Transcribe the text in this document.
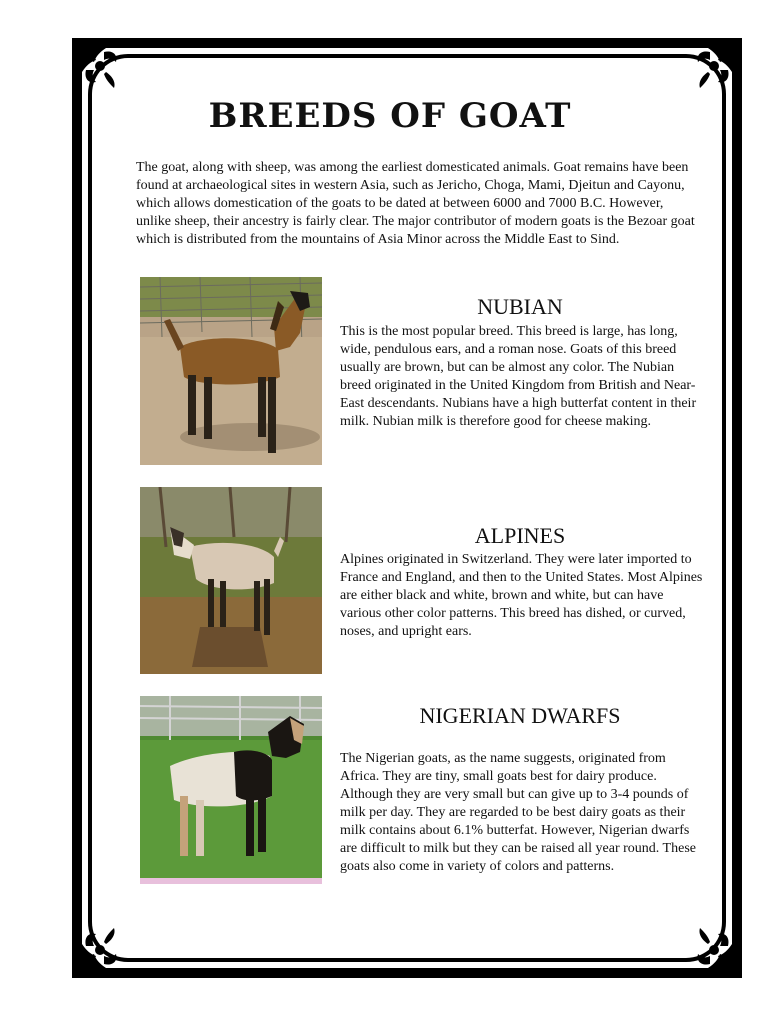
BREEDS OF GOAT

The goat, along with sheep, was among the earliest domesticated animals. Goat remains have been found at archaeological sites in western Asia, such as Jericho, Choga, Mami, Djeitun and Cayonu, which allows domestication of the goats to be dated at between 6000 and 7000 B.C. However, unlike sheep, their ancestry is fairly clear. The major contributor of modern goats is the Bezoar goat which is distributed from the mountains of Asia Minor across the Middle East to Sind.

NUBIAN

This is the most popular breed. This breed is large, has long, wide, pendulous ears, and a roman nose. Goats of this breed usually are brown, but can be almost any color. The Nubian breed originated in the United Kingdom from British and Near-East descendants. Nubians have a high butterfat content in their milk. Nubian milk is therefore good for cheese making.

ALPINES

Alpines originated in Switzerland. They were later imported to France and England, and then to the United States. Most Alpines are either black and white, brown and white, but can have various other color patterns. This breed has dished, or curved, noses, and upright ears.

NIGERIAN DWARFS

The Nigerian goats, as the name suggests, originated from Africa. They are tiny, small goats best for dairy produce. Although they are very small but can give up to 3-4 pounds of milk per day. They are regarded to be best dairy goats as their milk contains about 6.1% butterfat. However, Nigerian dwarfs are difficult to milk but they can be raised all year round. These goats also come in variety of colors and patterns.
